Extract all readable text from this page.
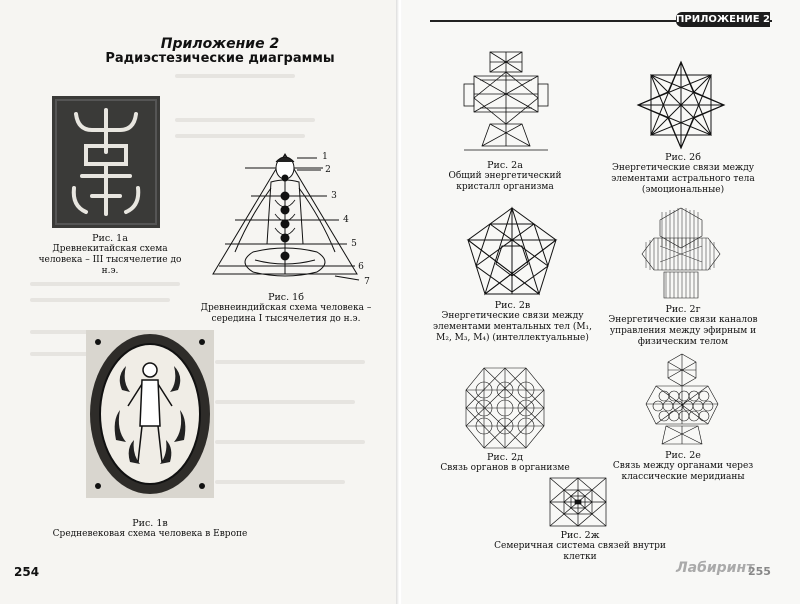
Приложение 2
Радиэстезические диаграммы
Рис. 1а
Древнекитайская схема человека – III тысячелетие до н.э.
1
2
3
4
5
6
7
Рис. 1б
Древнеиндийская схема человека – середина I тысячелетия до н.э.
Рис. 1в
Средневековая схема человека в Европе
254
ПРИЛОЖЕНИЕ 2
Рис. 2а
Общий энергетический кристалл организма
Рис. 2б
Энергетические связи между элементами астрального тела (эмоциональные)
Рис. 2в
Энергетические связи между элементами ментальных тел (М₁, М₂, М₃, М₄) (интеллектуальные)
Рис. 2г
Энергетические связи каналов управления между эфирным и физическим телом
Рис. 2д
Связь органов в организме
Рис. 2е
Связь между органами через классические меридианы
Рис. 2ж
Семеричная система связей внутри клетки
Лабиринт
255
